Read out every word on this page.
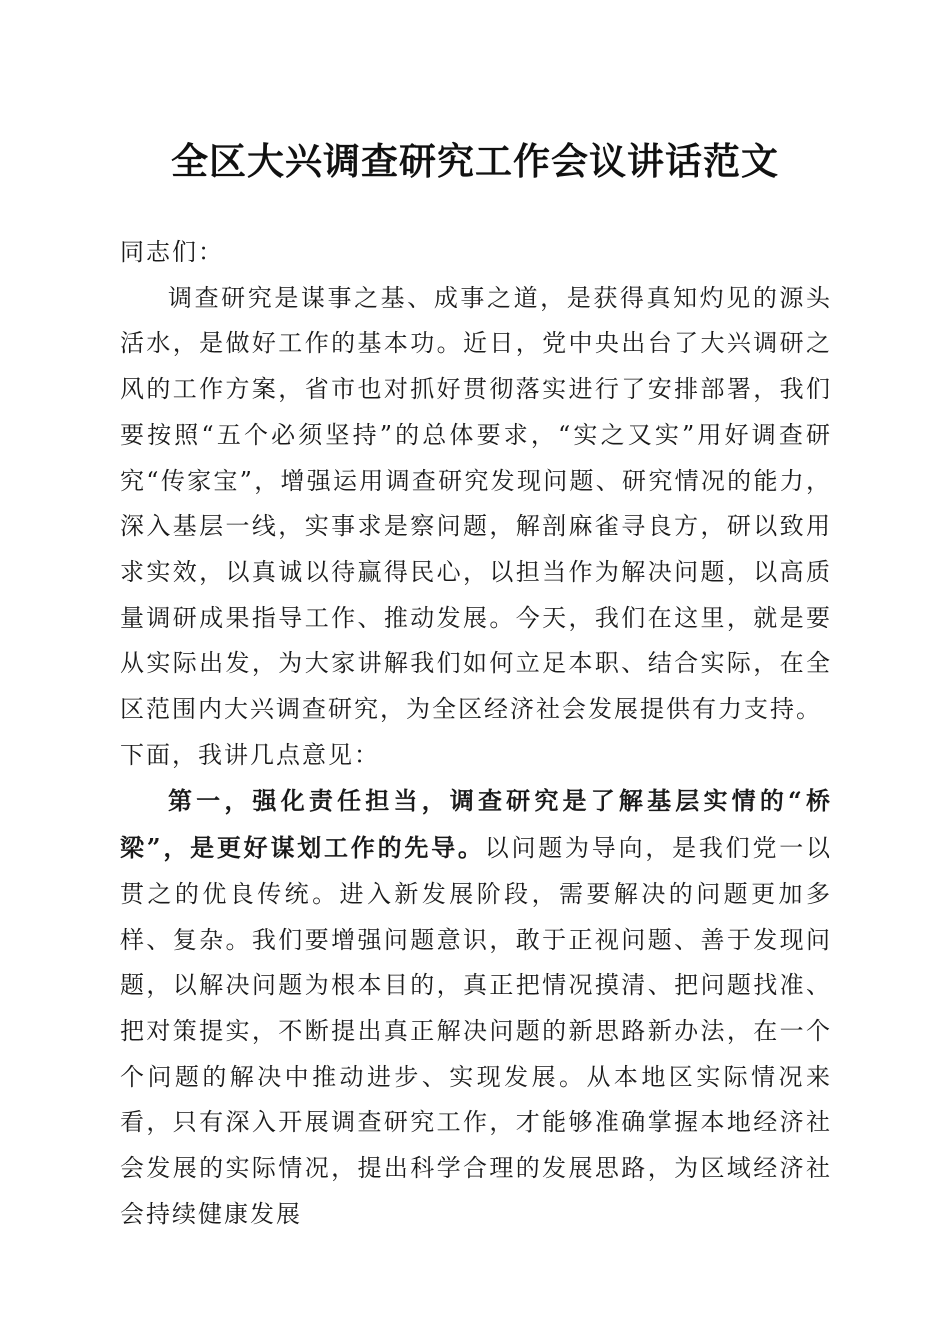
全区大兴调查研究工作会议讲话范文

同志们：

调查研究是谋事之基、成事之道，是获得真知灼见的源头活水，是做好工作的基本功。近日，党中央出台了大兴调研之风的工作方案，省市也对抓好贯彻落实进行了安排部署，我们要按照“五个必须坚持”的总体要求，“实之又实”用好调查研究“传家宝”，增强运用调查研究发现问题、研究情况的能力，深入基层一线，实事求是察问题，解剖麻雀寻良方，研以致用求实效，以真诚以待赢得民心，以担当作为解决问题，以高质量调研成果指导工作、推动发展。今天，我们在这里，就是要从实际出发，为大家讲解我们如何立足本职、结合实际，在全区范围内大兴调查研究，为全区经济社会发展提供有力支持。

下面，我讲几点意见：

第一，强化责任担当，调查研究是了解基层实情的“桥梁”，是更好谋划工作的先导。以问题为导向，是我们党一以贯之的优良传统。进入新发展阶段，需要解决的问题更加多样、复杂。我们要增强问题意识，敢于正视问题、善于发现问题，以解决问题为根本目的，真正把情况摸清、把问题找准、把对策提实，不断提出真正解决问题的新思路新办法，在一个个问题的解决中推动进步、实现发展。从本地区实际情况来看，只有深入开展调查研究工作，才能够准确掌握本地经济社会发展的实际情况，提出科学合理的发展思路，为区域经济社会持续健康发展
